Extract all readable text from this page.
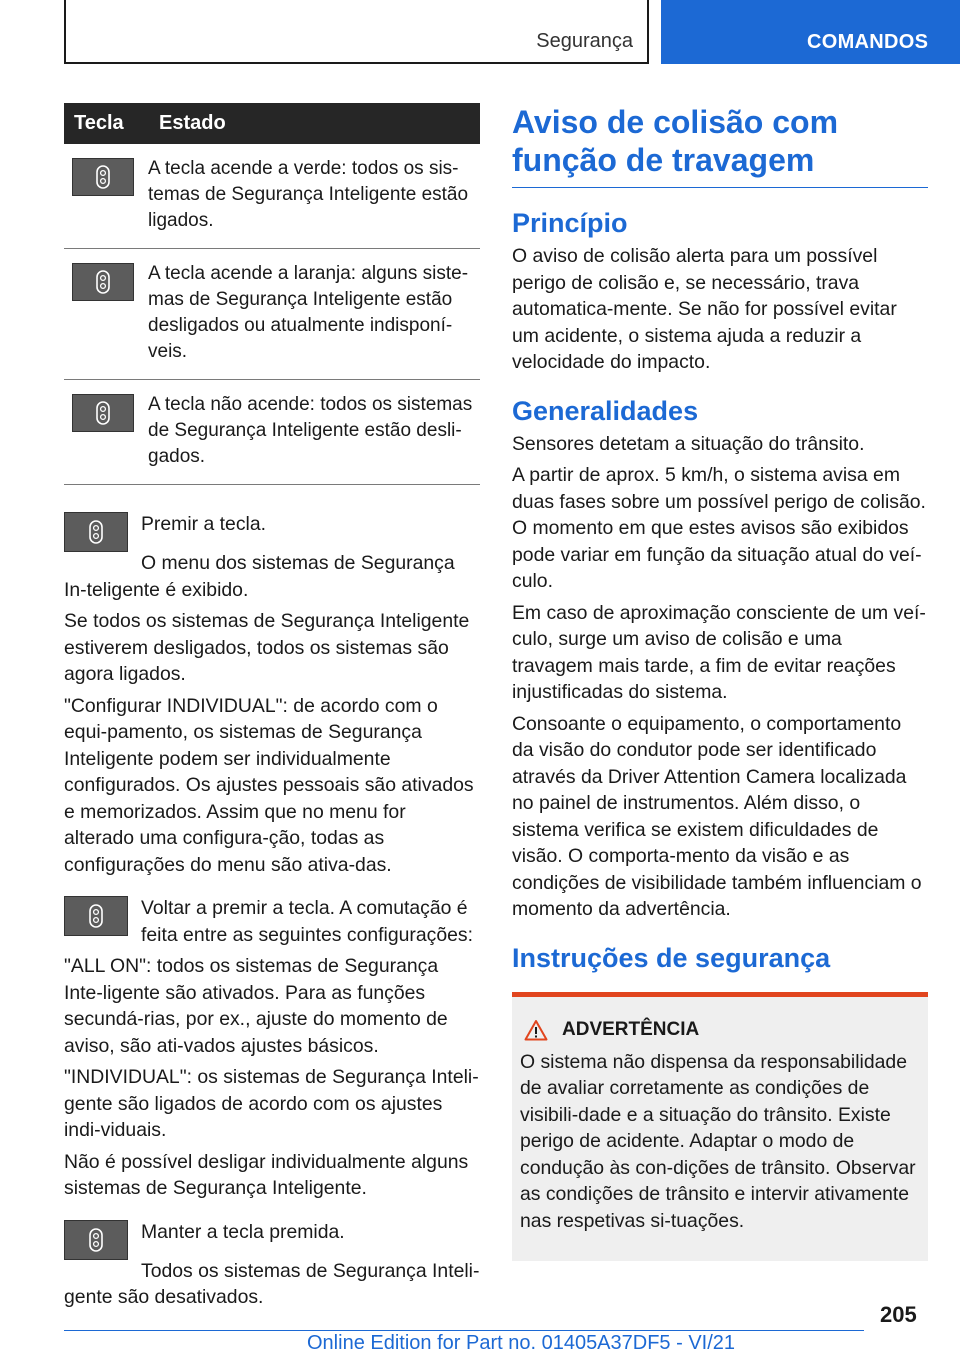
Segurança	COMANDOS
Tecla	Estado

	A tecla acende a verde: todos os sis-temas de Segurança Inteligente estão ligados.

	A tecla acende a laranja: alguns siste-mas de Segurança Inteligente estão desligados ou atualmente indisponí-veis.

	A tecla não acende: todos os sistemas de Segurança Inteligente estão desli-gados.

Premir a tecla.

O menu dos sistemas de Segurança In-teligente é exibido.

Se todos os sistemas de Segurança Inteligente estiverem desligados, todos os sistemas são agora ligados.

"Configurar INDIVIDUAL": de acordo com o equi-pamento, os sistemas de Segurança Inteligente podem ser individualmente configurados. Os ajustes pessoais são ativados e memorizados. Assim que no menu for alterado uma configura-ção, todas as configurações do menu são ativa-das.

Voltar a premir a tecla. A comutação é feita entre as seguintes configurações:

"ALL ON": todos os sistemas de Segurança Inte-ligente são ativados. Para as funções secundá-rias, por ex., ajuste do momento de aviso, são ati-vados ajustes básicos.

"INDIVIDUAL": os sistemas de Segurança Inteli-gente são ligados de acordo com os ajustes indi-viduais.

Não é possível desligar individualmente alguns sistemas de Segurança Inteligente.

Manter a tecla premida.

Todos os sistemas de Segurança Inteli-gente são desativados.

Aviso de colisão com função de travagem
Princípio

O aviso de colisão alerta para um possível perigo de colisão e, se necessário, trava automatica-mente. Se não for possível evitar um acidente, o sistema ajuda a reduzir a velocidade do impacto.

Generalidades

Sensores detetam a situação do trânsito.

A partir de aprox. 5 km/h, o sistema avisa em duas fases sobre um possível perigo de colisão. O momento em que estes avisos são exibidos pode variar em função da situação atual do veí-culo.

Em caso de aproximação consciente de um veí-culo, surge um aviso de colisão e uma travagem mais tarde, a fim de evitar reações injustificadas do sistema.

Consoante o equipamento, o comportamento da visão do condutor pode ser identificado através da Driver Attention Camera localizada no painel de instrumentos. Além disso, o sistema verifica se existem dificuldades de visão. O comporta-mento da visão e as condições de visibilidade também influenciam o momento da advertência.

Instruções de segurança
ADVERTÊNCIA

O sistema não dispensa da responsabilidade de avaliar corretamente as condições de visibili-dade e a situação do trânsito. Existe perigo de acidente. Adaptar o modo de condução às con-dições de trânsito. Observar as condições de trânsito e intervir ativamente nas respetivas si-tuações.

205
Online Edition for Part no. 01405A37DF5 - VI/21
